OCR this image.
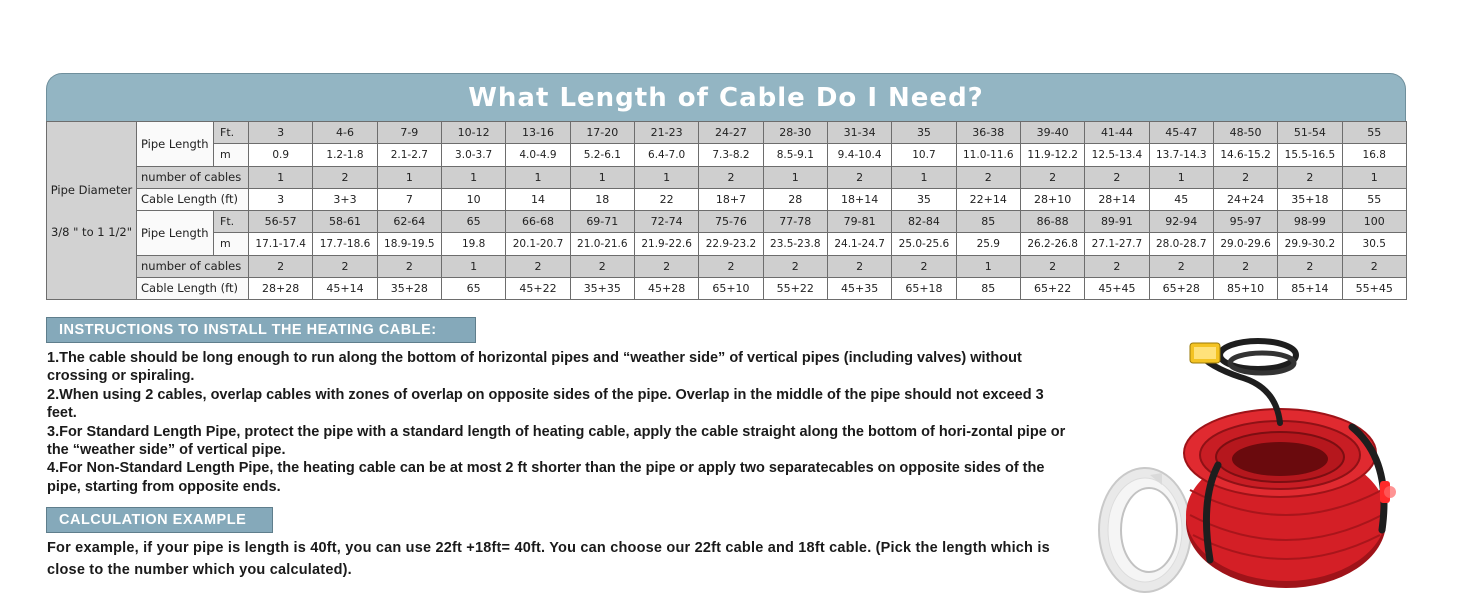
What Length of Cable Do I Need?
Pipe Diameter
3/8 " to 1 1/2"	Pipe Length	Ft.	3	4-6	7-9	10-12	13-16	17-20	21-23	24-27	28-30	31-34	35	36-38	39-40	41-44	45-47	48-50	51-54	55
		m	0.9	1.2-1.8	2.1-2.7	3.0-3.7	4.0-4.9	5.2-6.1	6.4-7.0	7.3-8.2	8.5-9.1	9.4-10.4	10.7	11.0-11.6	11.9-12.2	12.5-13.4	13.7-14.3	14.6-15.2	15.5-16.5	16.8
	number of cables		1	2	1	1	1	1	1	2	1	2	1	2	2	2	1	2	2	1
	Cable Length (ft)		3	3+3	7	10	14	18	22	18+7	28	18+14	35	22+14	28+10	28+14	45	24+24	35+18	55
	Pipe Length	Ft.	56-57	58-61	62-64	65	66-68	69-71	72-74	75-76	77-78	79-81	82-84	85	86-88	89-91	92-94	95-97	98-99	100
		m	17.1-17.4	17.7-18.6	18.9-19.5	19.8	20.1-20.7	21.0-21.6	21.9-22.6	22.9-23.2	23.5-23.8	24.1-24.7	25.0-25.6	25.9	26.2-26.8	27.1-27.7	28.0-28.7	29.0-29.6	29.9-30.2	30.5
	number of cables		2	2	2	1	2	2	2	2	2	2	2	1	2	2	2	2	2	2
	Cable Length (ft)		28+28	45+14	35+28	65	45+22	35+35	45+28	65+10	55+22	45+35	65+18	85	65+22	45+45	65+28	85+10	85+14	55+45
INSTRUCTIONS TO INSTALL THE HEATING CABLE:

1.The cable should be long enough to run along the bottom of horizontal pipes and “weather side” of vertical pipes (including valves) without crossing or spiraling.

2.When using 2 cables, overlap cables with zones of overlap on opposite sides of the pipe. Overlap in the middle of the pipe should not exceed 3 feet.

3.For Standard Length Pipe, protect the pipe with a standard length of heating cable, apply the cable straight along the bottom of hori-zontal pipe or the “weather side” of vertical pipe.

4.For Non-Standard Length Pipe, the heating cable can be at most 2 ft shorter than the pipe or apply two separatecables on opposite sides of the pipe, starting from opposite ends.

CALCULATION EXAMPLE
For example, if your pipe is length is 40ft, you can use 22ft +18ft= 40ft. You can choose our 22ft cable and 18ft cable. (Pick the length which is close to the number which you calculated).
